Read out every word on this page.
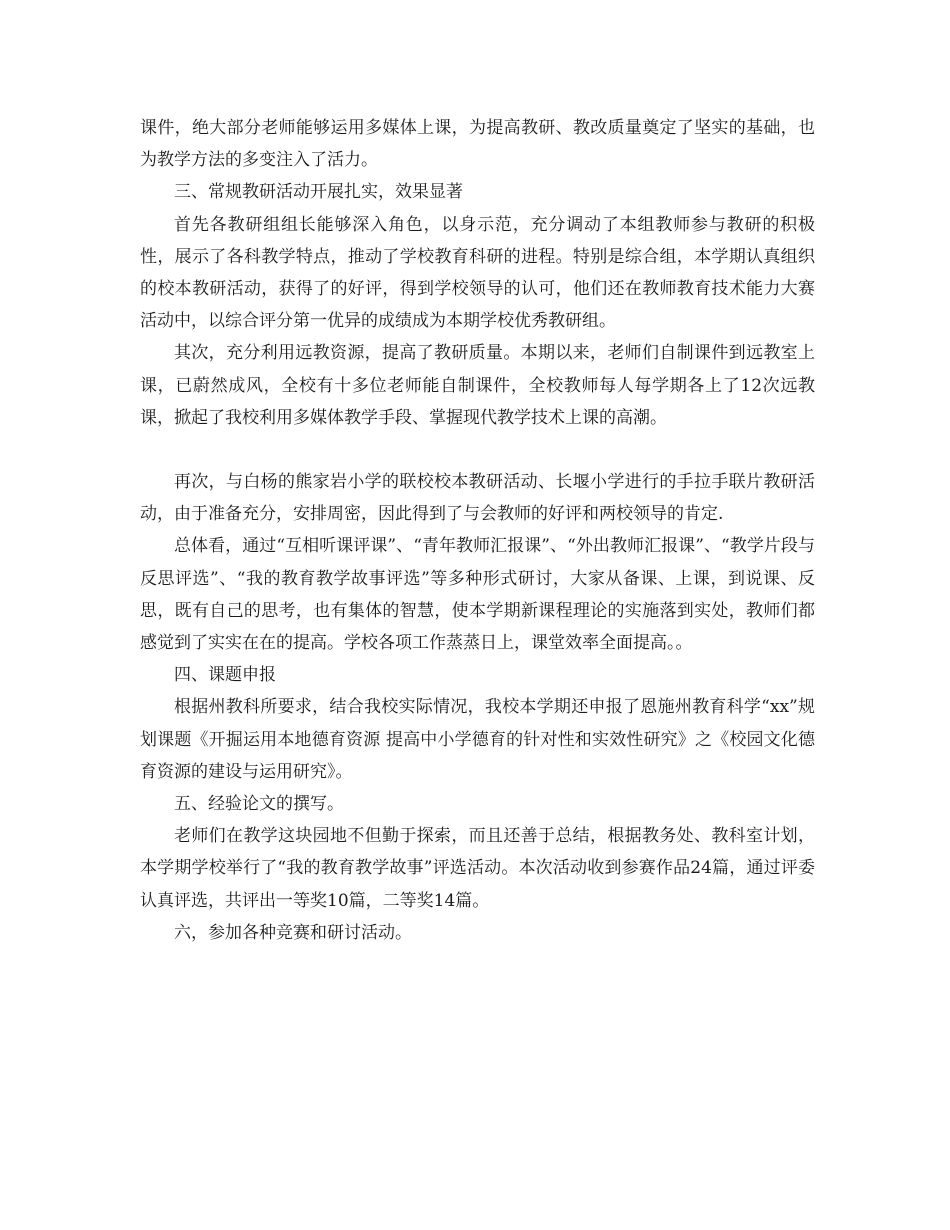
课件，绝大部分老师能够运用多媒体上课，为提高教研、教改质量奠定了坚实的基础，也为教学方法的多变注入了活力。

三、常规教研活动开展扎实，效果显著

首先各教研组组长能够深入角色，以身示范，充分调动了本组教师参与教研的积极性，展示了各科教学特点，推动了学校教育科研的进程。特别是综合组，本学期认真组织的校本教研活动，获得了的好评，得到学校领导的认可，他们还在教师教育技术能力大赛活动中，以综合评分第一优异的成绩成为本期学校优秀教研组。

其次，充分利用远教资源，提高了教研质量。本期以来，老师们自制课件到远教室上课，已蔚然成风，全校有十多位老师能自制课件，全校教师每人每学期各上了12次远教课，掀起了我校利用多媒体教学手段、掌握现代教学技术上课的高潮。

再次，与白杨的熊家岩小学的联校校本教研活动、长堰小学进行的手拉手联片教研活动，由于准备充分，安排周密，因此得到了与会教师的好评和两校领导的肯定.

总体看，通过“互相听课评课”、“青年教师汇报课”、“外出教师汇报课”、“教学片段与反思评选”、“我的教育教学故事评选”等多种形式研讨，大家从备课、上课，到说课、反思，既有自己的思考，也有集体的智慧，使本学期新课程理论的实施落到实处，教师们都感觉到了实实在在的提高。学校各项工作蒸蒸日上，课堂效率全面提高。。

四、课题申报

根据州教科所要求，结合我校实际情况，我校本学期还申报了恩施州教育科学“xx”规划课题《开掘运用本地德育资源 提高中小学德育的针对性和实效性研究》之《校园文化德育资源的建设与运用研究》。

五、经验论文的撰写。

老师们在教学这块园地不但勤于探索，而且还善于总结，根据教务处、教科室计划，本学期学校举行了“我的教育教学故事”评选活动。本次活动收到参赛作品24篇，通过评委认真评选，共评出一等奖10篇，二等奖14篇。

六，参加各种竞赛和研讨活动。
